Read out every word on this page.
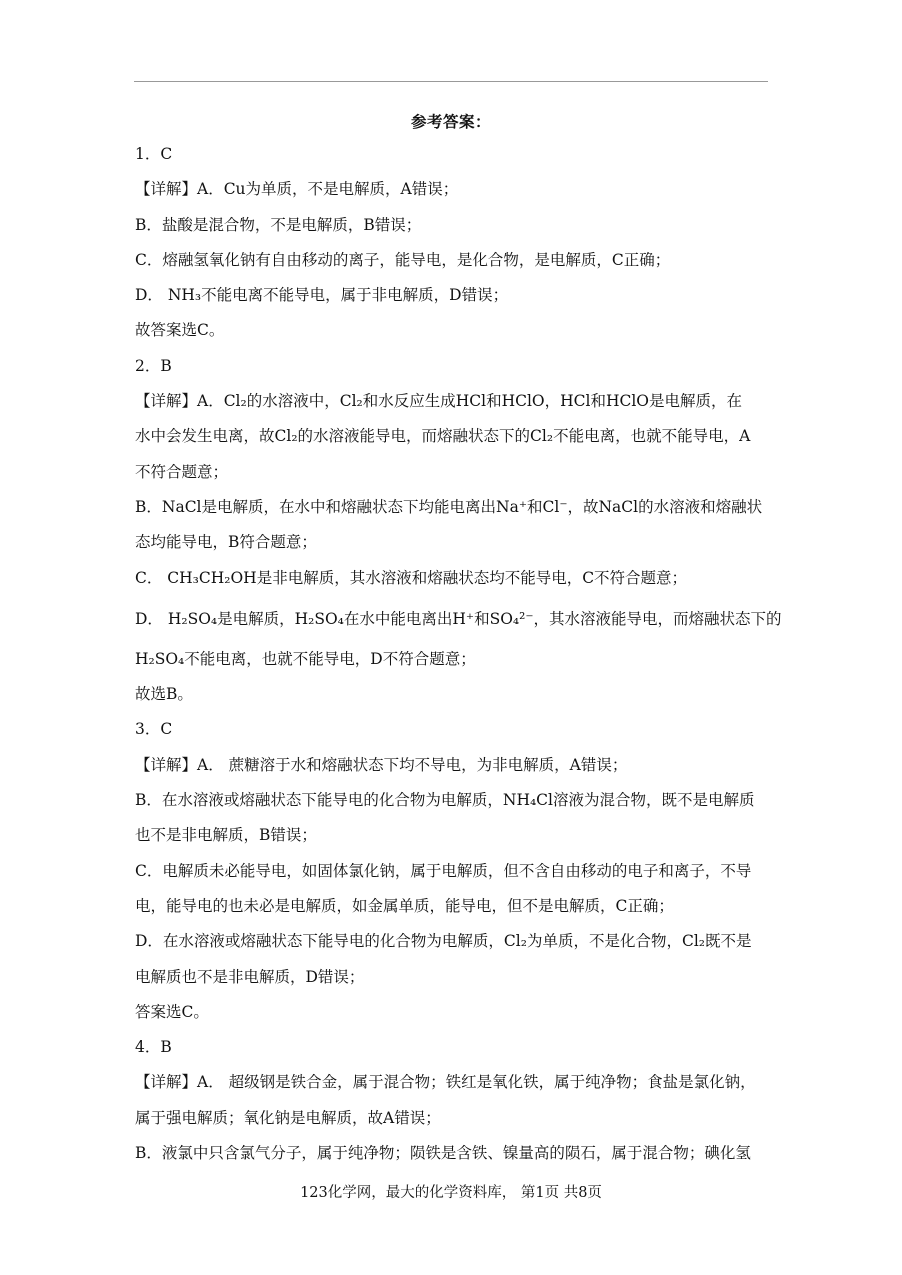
参考答案：
1．C
【详解】A．Cu为单质，不是电解质，A错误；
B．盐酸是混合物，不是电解质，B错误；
C．熔融氢氧化钠有自由移动的离子，能导电，是化合物，是电解质，C正确；
D． NH₃不能电离不能导电，属于非电解质，D错误；
故答案选C。
2．B
【详解】A．Cl₂的水溶液中，Cl₂和水反应生成HCl和HClO，HCl和HClO是电解质，在
水中会发生电离，故Cl₂的水溶液能导电，而熔融状态下的Cl₂不能电离，也就不能导电，A
不符合题意；
B．NaCl是电解质，在水中和熔融状态下均能电离出Na⁺和Cl⁻，故NaCl的水溶液和熔融状
态均能导电，B符合题意；
C． CH₃CH₂OH是非电解质，其水溶液和熔融状态均不能导电，C不符合题意；
D． H₂SO₄是电解质，H₂SO₄在水中能电离出H⁺和SO₄²⁻，其水溶液能导电，而熔融状态下的
H₂SO₄不能电离，也就不能导电，D不符合题意；
故选B。
3．C
【详解】A． 蔗糖溶于水和熔融状态下均不导电，为非电解质，A错误；
B．在水溶液或熔融状态下能导电的化合物为电解质，NH₄Cl溶液为混合物，既不是电解质
也不是非电解质，B错误；
C．电解质未必能导电，如固体氯化钠，属于电解质，但不含自由移动的电子和离子，不导
电，能导电的也未必是电解质，如金属单质，能导电，但不是电解质，C正确；
D．在水溶液或熔融状态下能导电的化合物为电解质，Cl₂为单质，不是化合物，Cl₂既不是
电解质也不是非电解质，D错误；
答案选C。
4．B
【详解】A． 超级钢是铁合金，属于混合物；铁红是氧化铁，属于纯净物；食盐是氯化钠，
属于强电解质；氧化钠是电解质，故A错误；
B．液氯中只含氯气分子，属于纯净物；陨铁是含铁、镍量高的陨石，属于混合物；碘化氢
123化学网，最大的化学资料库， 第1页 共8页
